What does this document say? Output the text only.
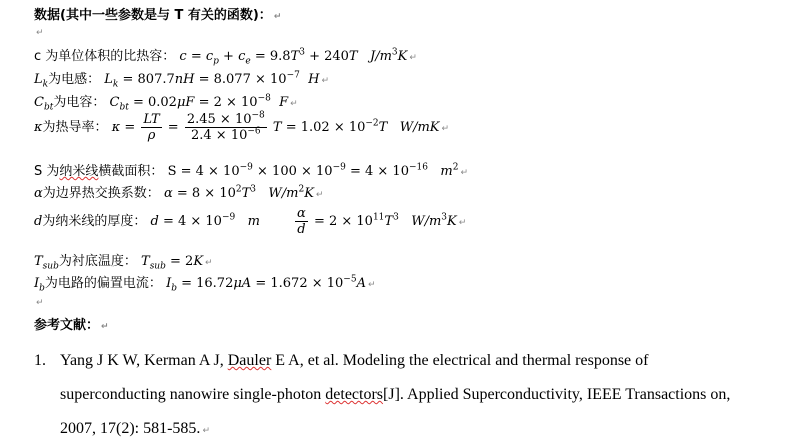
数据(其中一些参数是与 T 有关的函数)： ↵
↵
c 为单位体积的比热容： $c = c_p + c_e = 9.8T^3 + 240T$   $J/m^3K$ ↵
$L_k$为电感： $L_k = 807.7nH = 8.077 \times 10^{-7}$  H ↵
$C_{bt}$为电容： $C_{bt} = 0.02\mu F = 2 \times 10^{-8}$  F ↵
κ为热导率： $\kappa = \frac{LT}{\rho} = \frac{2.45 \times 10^{-8}}{2.4 \times 10^{-6}}$ $T = 1.02 \times 10^{-2}T$   W/mK ↵
S 为纳米线横截面积： $S = 4 \times 10^{-9} \times 100 \times 10^{-9} = 4 \times 10^{-16}$ $m^2↵$
α为边界热交换系数： $\alpha = 8 \times 10^2T^3$   $W/m^2K$ ↵
d为纳米线的厚度： $d = 4 \times 10^{-9}$   m $\frac{\alpha}{d} = 2 \times 10^{11}T^3$   $W/m^3K$ ↵
$T_{sub}$为衬底温度： $T_{sub} = 2K$ ↵
$I_b$为电路的偏置电流： $I_b = 16.72\mu A = 1.672 \times 10^{-5}A$ ↵
↵
参考文献： ↵
1. Yang J K W, Kerman A J, Dauler E A, et al. Modeling the electrical and thermal response of
superconducting nanowire single-photon detectors[J]. Applied Superconductivity, IEEE Transactions on,
2007, 17(2): 581-585. ↵
